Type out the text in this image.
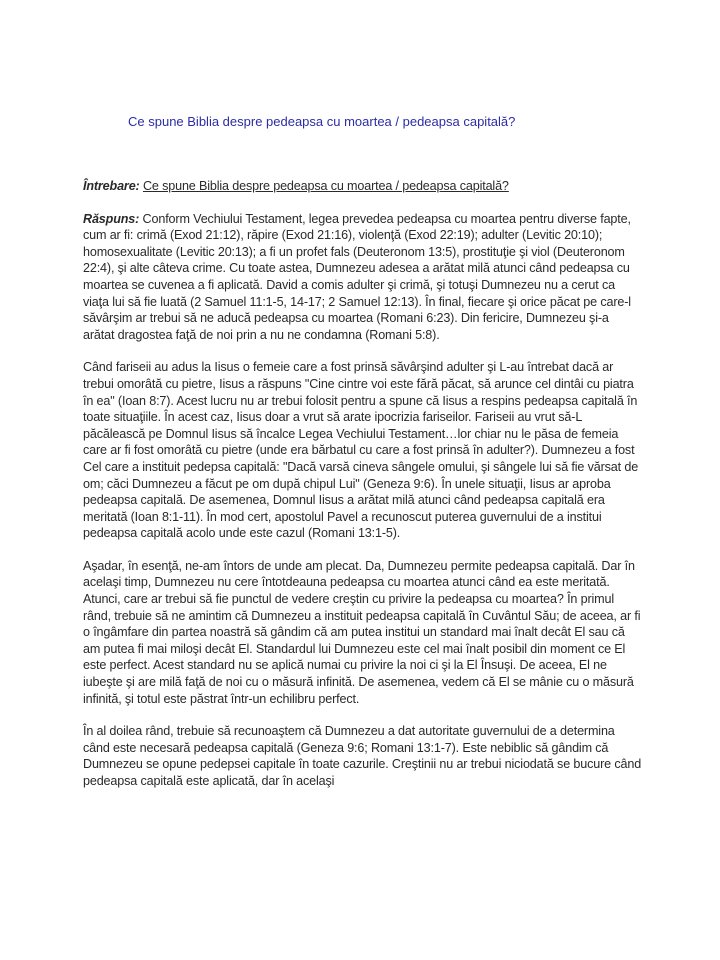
Ce spune Biblia despre pedeapsa cu moartea / pedeapsa capitală?

Întrebare: Ce spune Biblia despre pedeapsa cu moartea / pedeapsa capitală?

Răspuns: Conform Vechiului Testament, legea prevedea pedeapsa cu moartea pentru diverse fapte, cum ar fi: crimă (Exod 21:12), răpire (Exod 21:16), violenţă (Exod 22:19); adulter (Levitic 20:10); homosexualitate (Levitic 20:13); a fi un profet fals (Deuteronom 13:5), prostituţie şi viol (Deuteronom 22:4), şi alte câteva crime. Cu toate astea, Dumnezeu adesea a arătat milă atunci când pedeapsa cu moartea se cuvenea a fi aplicată. David a comis adulter şi crimă, şi totuşi Dumnezeu nu a cerut ca viaţa lui să fie luată (2 Samuel 11:1-5, 14-17; 2 Samuel 12:13). În final, fiecare şi orice păcat pe care-l săvârşim ar trebui să ne aducă pedeapsa cu moartea (Romani 6:23). Din fericire, Dumnezeu şi-a arătat dragostea faţă de noi prin a nu ne condamna (Romani 5:8).

Când fariseii au adus la Iisus o femeie care a fost prinsă săvârşind adulter şi L-au întrebat dacă ar trebui omorâtă cu pietre, Iisus a răspuns "Cine cintre voi este fără păcat, să arunce cel dintâi cu piatra în ea" (Ioan 8:7). Acest lucru nu ar trebui folosit pentru a spune că Iisus a respins pedeapsa capitală în toate situaţiile. În acest caz, Iisus doar a vrut să arate ipocrizia fariseilor. Fariseii au vrut să-L păcălească pe Domnul Iisus să încalce Legea Vechiului Testament…lor chiar nu le păsa de femeia care ar fi fost omorâtă cu pietre (unde era bărbatul cu care a fost prinsă în adulter?). Dumnezeu a fost Cel care a instituit pedepsa capitală: "Dacă varsă cineva sângele omului, şi sângele lui să fie vărsat de om; căci Dumnezeu a făcut pe om după chipul Lui" (Geneza 9:6). În unele situaţii, Iisus ar aproba pedeapsa capitală. De asemenea, Domnul Iisus a arătat milă atunci când pedeapsa capitală era meritată (Ioan 8:1-11). În mod cert, apostolul Pavel a recunoscut puterea guvernului de a institui pedeapsa capitală acolo unde este cazul (Romani 13:1-5).

Aşadar, în esenţă, ne-am întors de unde am plecat. Da, Dumnezeu permite pedeapsa capitală. Dar în acelaşi timp, Dumnezeu nu cere întotdeauna pedeapsa cu moartea atunci când ea este meritată. Atunci, care ar trebui să fie punctul de vedere creştin cu privire la pedeapsa cu moartea? În primul rând, trebuie să ne amintim că Dumnezeu a instituit pedeapsa capitală în Cuvântul Său; de aceea, ar fi o îngâmfare din partea noastră să gândim că am putea institui un standard mai înalt decât El sau că am putea fi mai miloşi decât El. Standardul lui Dumnezeu este cel mai înalt posibil din moment ce El este perfect. Acest standard nu se aplică numai cu privire la noi ci şi la El Însuşi. De aceea, El ne iubeşte şi are milă faţă de noi cu o măsură infinită. De asemenea, vedem că El se mânie cu o măsură infinită, şi totul este păstrat într-un echilibru perfect.

În al doilea rând, trebuie să recunoaştem că Dumnezeu a dat autoritate guvernului de a determina când este necesară pedeapsa capitală (Geneza 9:6; Romani 13:1-7). Este nebiblic să gândim că Dumnezeu se opune pedepsei capitale în toate cazurile. Creştinii nu ar trebui niciodată se bucure când pedeapsa capitală este aplicată, dar în acelaşi
